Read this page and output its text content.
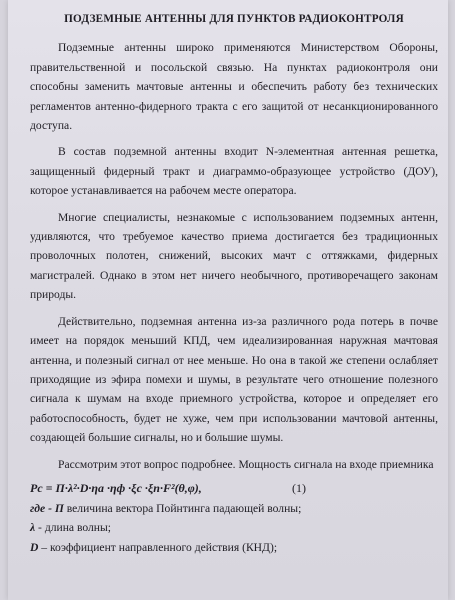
ПОДЗЕМНЫЕ АНТЕННЫ ДЛЯ ПУНКТОВ РАДИОКОНТРОЛЯ

Подземные антенны широко применяются Министерством Обороны, правительственной и посольской связью. На пунктах радиоконтроля они способны заменить мачтовые антенны и обеспечить работу без технических регламентов антенно-фидерного тракта с его защитой от несанкционированного доступа.

В состав подземной антенны входит N-элементная антенная решетка, защищенный фидерный тракт и диаграммо-образующее устройство (ДОУ), которое устанавливается на рабочем месте оператора.

Многие специалисты, незнакомые с использованием подземных антенн, удивляются, что требуемое качество приема достигается без традиционных проволочных полотен, снижений, высоких мачт с оттяжками, фидерных магистралей. Однако в этом нет ничего необычного, противоречащего законам природы.

Действительно, подземная антенна из-за различного рода потерь в почве имеет на порядок меньший КПД, чем идеализированная наружная мачтовая антенна, и полезный сигнал от нее меньше. Но она в такой же степени ослабляет приходящие из эфира помехи и шумы, в результате чего отношение полезного сигнала к шумам на входе приемного устройства, которое и определяет его работоспособность, будет не хуже, чем при использовании мачтовой антенны, создающей большие сигналы, но и большие шумы.

Рассмотрим этот вопрос подробнее. Мощность сигнала на входе приемника

Pc = П·λ²·D·ηа ·ηф ·ξс ·ξп·F²(θ,φ),	(1)
где - П величина вектора Пойнтинга падающей волны;
λ - длина волны;
D – коэффициент направленного действия (КНД);
